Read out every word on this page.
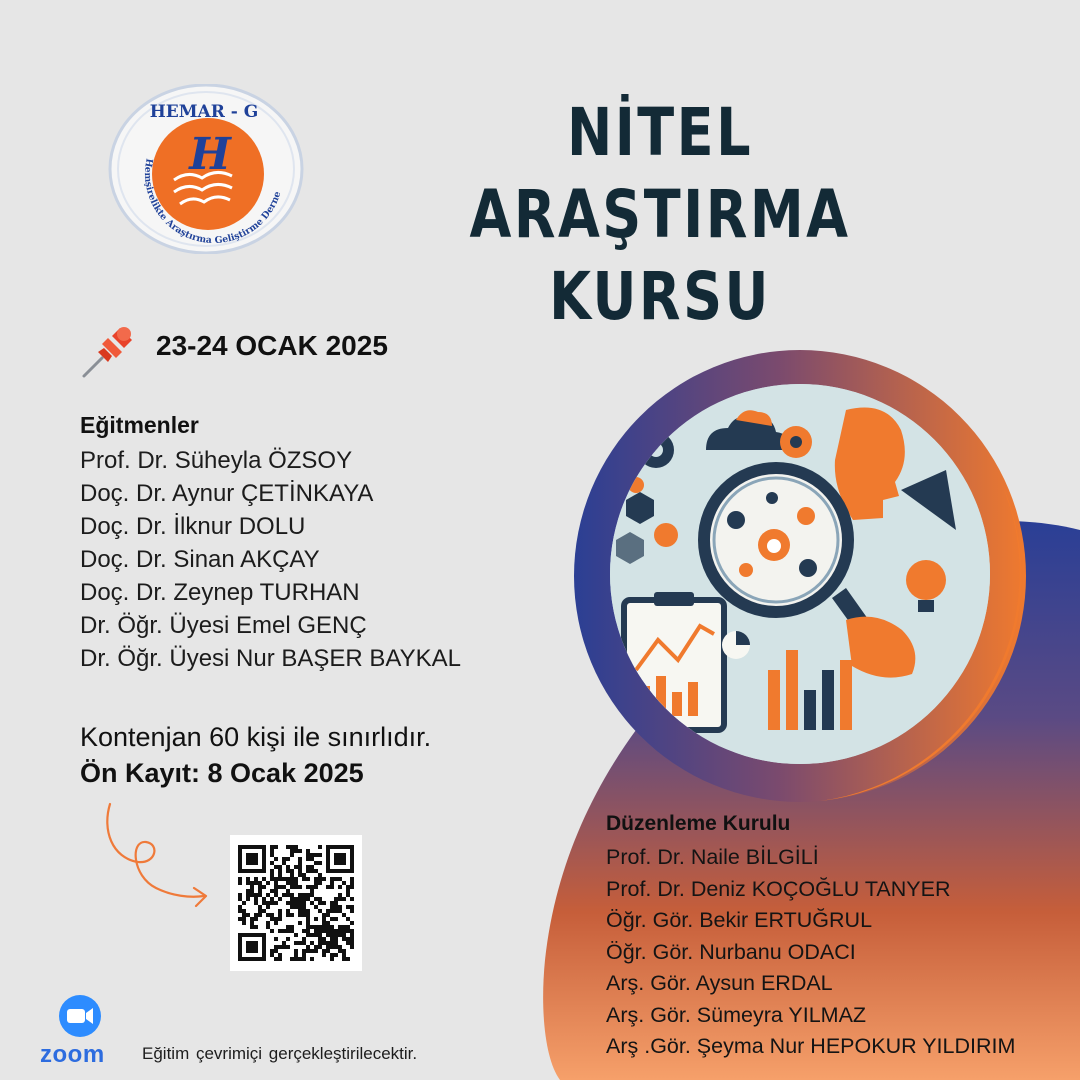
HEMAR - G
H
Hemşirelikte Araştırma Geliştirme Derne
NİTEL ARAŞTIRMA
KURSU
23-24 OCAK 2025
Eğitmenler
Prof. Dr. Süheyla ÖZSOY
Doç. Dr. Aynur ÇETİNKAYA
Doç. Dr. İlknur DOLU
Doç. Dr. Sinan AKÇAY
Doç. Dr. Zeynep TURHAN
Dr. Öğr. Üyesi Emel GENÇ
Dr. Öğr. Üyesi Nur BAŞER BAYKAL
Kontenjan 60 kişi ile sınırlıdır.
Ön Kayıt: 8 Ocak 2025
zoom Eğitim çevrimiçi gerçekleştirilecektir.
Düzenleme Kurulu
Prof. Dr. Naile BİLGİLİ
Prof. Dr. Deniz KOÇOĞLU TANYER
Öğr. Gör. Bekir ERTUĞRUL
Öğr. Gör. Nurbanu ODACI
Arş. Gör. Aysun ERDAL
Arş. Gör. Sümeyra YILMAZ
Arş .Gör. Şeyma Nur HEPOKUR YILDIRIM
